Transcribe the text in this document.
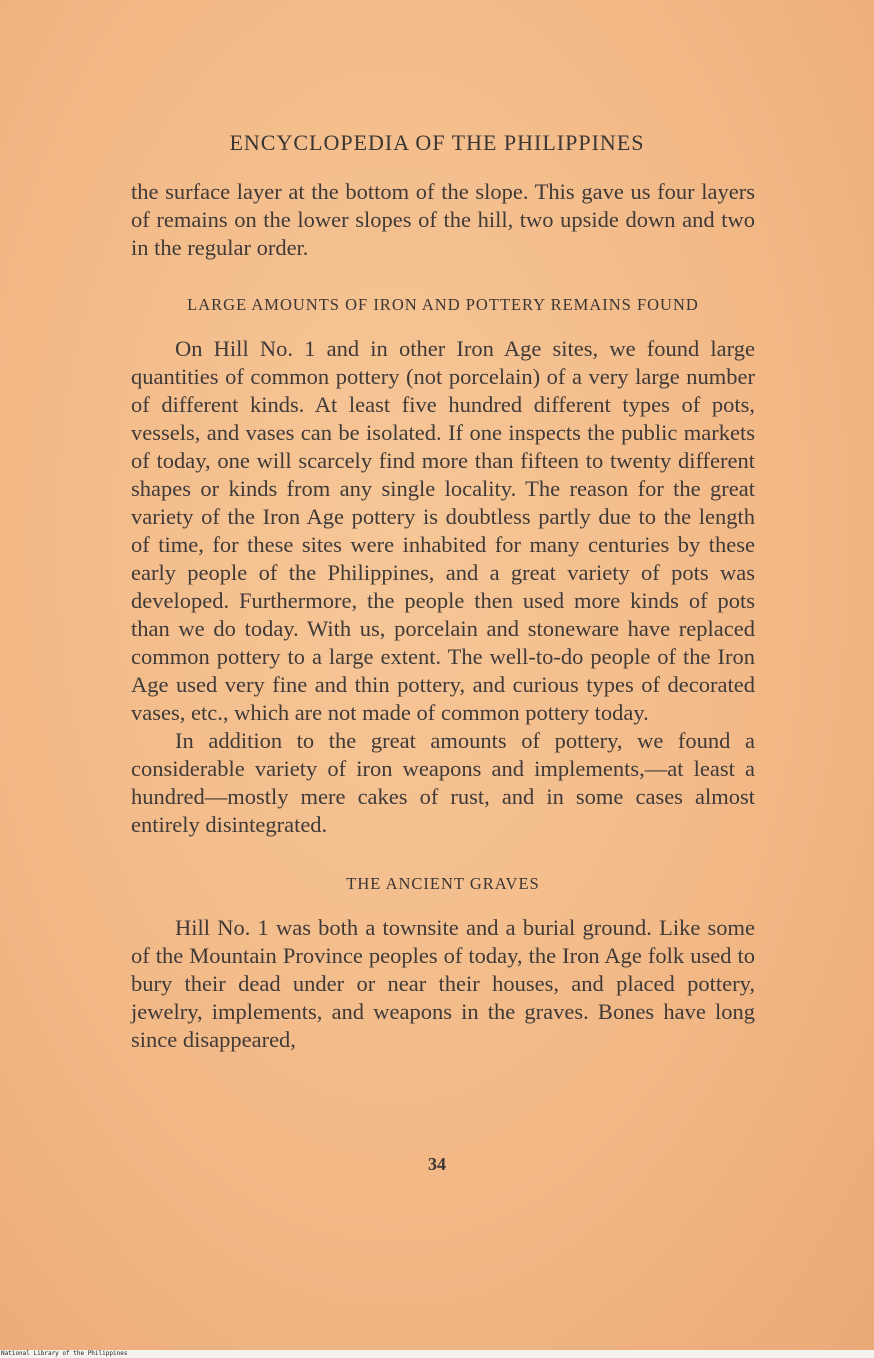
ENCYCLOPEDIA OF THE PHILIPPINES

the surface layer at the bottom of the slope. This gave us four layers of remains on the lower slopes of the hill, two upside down and two in the regular order.

LARGE AMOUNTS OF IRON AND POTTERY REMAINS FOUND

On Hill No. 1 and in other Iron Age sites, we found large quantities of common pottery (not porcelain) of a very large number of different kinds. At least five hundred different types of pots, vessels, and vases can be isolated. If one inspects the public markets of today, one will scarcely find more than fifteen to twenty different shapes or kinds from any single locality. The reason for the great variety of the Iron Age pottery is doubtless partly due to the length of time, for these sites were inhabited for many centuries by these early people of the Philippines, and a great variety of pots was developed. Furthermore, the people then used more kinds of pots than we do today. With us, porcelain and stoneware have replaced common pottery to a large extent. The well-to-do people of the Iron Age used very fine and thin pottery, and curious types of decorated vases, etc., which are not made of common pottery today.

In addition to the great amounts of pottery, we found a considerable variety of iron weapons and implements,—at least a hundred—mostly mere cakes of rust, and in some cases almost entirely disintegrated.

THE ANCIENT GRAVES

Hill No. 1 was both a townsite and a burial ground. Like some of the Mountain Province peoples of today, the Iron Age folk used to bury their dead under or near their houses, and placed pottery, jewelry, implements, and weapons in the graves. Bones have long since disappeared,

34
National Library of the Philippines
